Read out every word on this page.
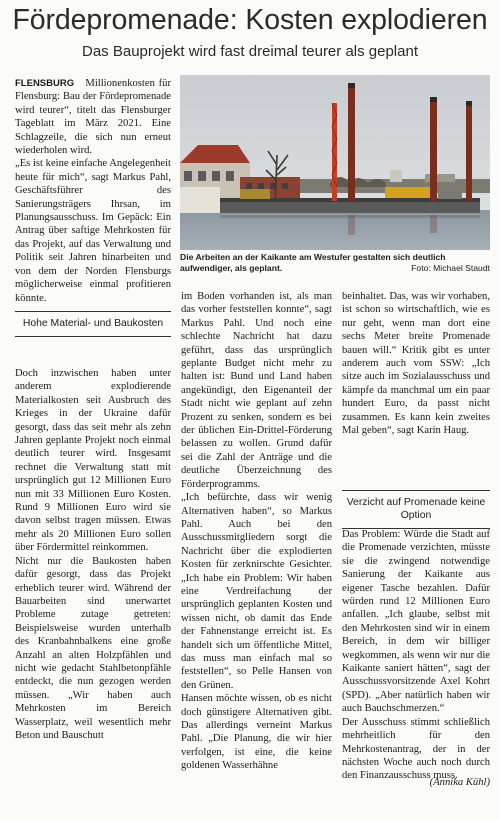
Fördepromenade: Kosten explodieren
Das Bauprojekt wird fast dreimal teurer als geplant
Die Arbeiten an der Kaikante am Westufer gestalten sich deutlich aufwendiger, als geplant.	Foto: Michael Staudt

FLENSBURG Millionenkosten für Flensburg: Bau der Fördepromenade wird teurer“, titelt das Flensburger Tageblatt im März 2021. Eine Schlagzeile, die sich nun erneut wiederholen wird.

„Es ist keine einfache Angelegenheit heute für mich“, sagt Markus Pahl, Geschäftsführer des Sanierungsträgers Ihrsan, im Planungsausschuss. Im Gepäck: Ein Antrag über saftige Mehrkosten für das Projekt, auf das Verwaltung und Politik seit Jahren hinarbeiten und von dem der Norden Flensburgs möglicherweise einmal profitieren könnte.

Hohe Material- und Baukosten

Doch inzwischen haben unter anderem explodierende Materialkosten seit Ausbruch des Krieges in der Ukraine dafür gesorgt, dass das seit mehr als zehn Jahren geplante Projekt noch einmal deutlich teurer wird. Insgesamt rechnet die Verwaltung statt mit ursprünglich gut 12 Millionen Euro nun mit 33 Millionen Euro Kosten. Rund 9 Millionen Euro wird sie davon selbst tragen müssen. Etwas mehr als 20 Millionen Euro sollen über Fördermittel reinkommen.

Nicht nur die Baukosten haben dafür gesorgt, dass das Projekt erheblich teurer wird. Während der Bauarbeiten sind unerwartet Probleme zutage getreten: Beispielsweise wurden unterhalb des Kranbahnbalkens eine große Anzahl an alten Holzpfählen und nicht wie gedacht Stahlbetonpfähle entdeckt, die nun gezogen werden müssen. „Wir haben auch Mehrkosten im Bereich Wasserplatz, weil wesentlich mehr Beton und Bauschutt

im Boden vorhanden ist, als man das vorher feststellen konnte“, sagt Markus Pahl. Und noch eine schlechte Nachricht hat dazu geführt, dass das ursprünglich geplante Budget nicht mehr zu halten ist: Bund und Land haben angekündigt, den Eigenanteil der Stadt nicht wie geplant auf zehn Prozent zu senken, sondern es bei der üblichen Ein-Drittel-Förderung belassen zu wollen. Grund dafür sei die Zahl der Anträge und die deutliche Überzeichnung des Förderprogramms.

„Ich befürchte, dass wir wenig Alternativen haben“, so Markus Pahl. Auch bei den Ausschussmitgliedern sorgt die Nachricht über die explodierten Kosten für zerknirschte Gesichter. „Ich habe ein Problem: Wir haben eine Verdreifachung der ursprünglich geplanten Kosten und wissen nicht, ob damit das Ende der Fahnenstange erreicht ist. Es handelt sich um öffentliche Mittel, das muss man einfach mal so feststellen“, so Pelle Hansen von den Grünen.

Hansen möchte wissen, ob es nicht doch günstigere Alternativen gibt. Das allerdings verneint Markus Pahl. „Die Planung, die wir hier verfolgen, ist eine, die keine goldenen Wasserhähne

beinhaltet. Das, was wir vorhaben, ist schon so wirtschaftlich, wie es nur geht, wenn man dort eine sechs Meter breite Promenade bauen will.“ Kritik gibt es unter anderem auch vom SSW: „Ich sitze auch im Sozialausschuss und kämpfe da manchmal um ein paar hundert Euro, da passt nicht zusammen. Es kann kein zweites Mal geben“, sagt Karin Haug.

Verzicht auf Promenade keine Option

Das Problem: Würde die Stadt auf die Promenade verzichten, müsste sie die zwingend notwendige Sanierung der Kaikante aus eigener Tasche bezahlen. Dafür würden rund 12 Millionen Euro anfallen. „Ich glaube, selbst mit den Mehrkosten sind wir in einem Bereich, in dem wir billiger wegkommen, als wenn wir nur die Kaikante saniert hätten“, sagt der Ausschussvorsitzende Axel Kohrt (SPD). „Aber natürlich haben wir auch Bauchschmerzen.“

Der Ausschuss stimmt schließlich mehrheitlich für den Mehrkostenantrag, der in der nächsten Woche auch noch durch den Finanzausschuss muss.

(Annika Kühl)
